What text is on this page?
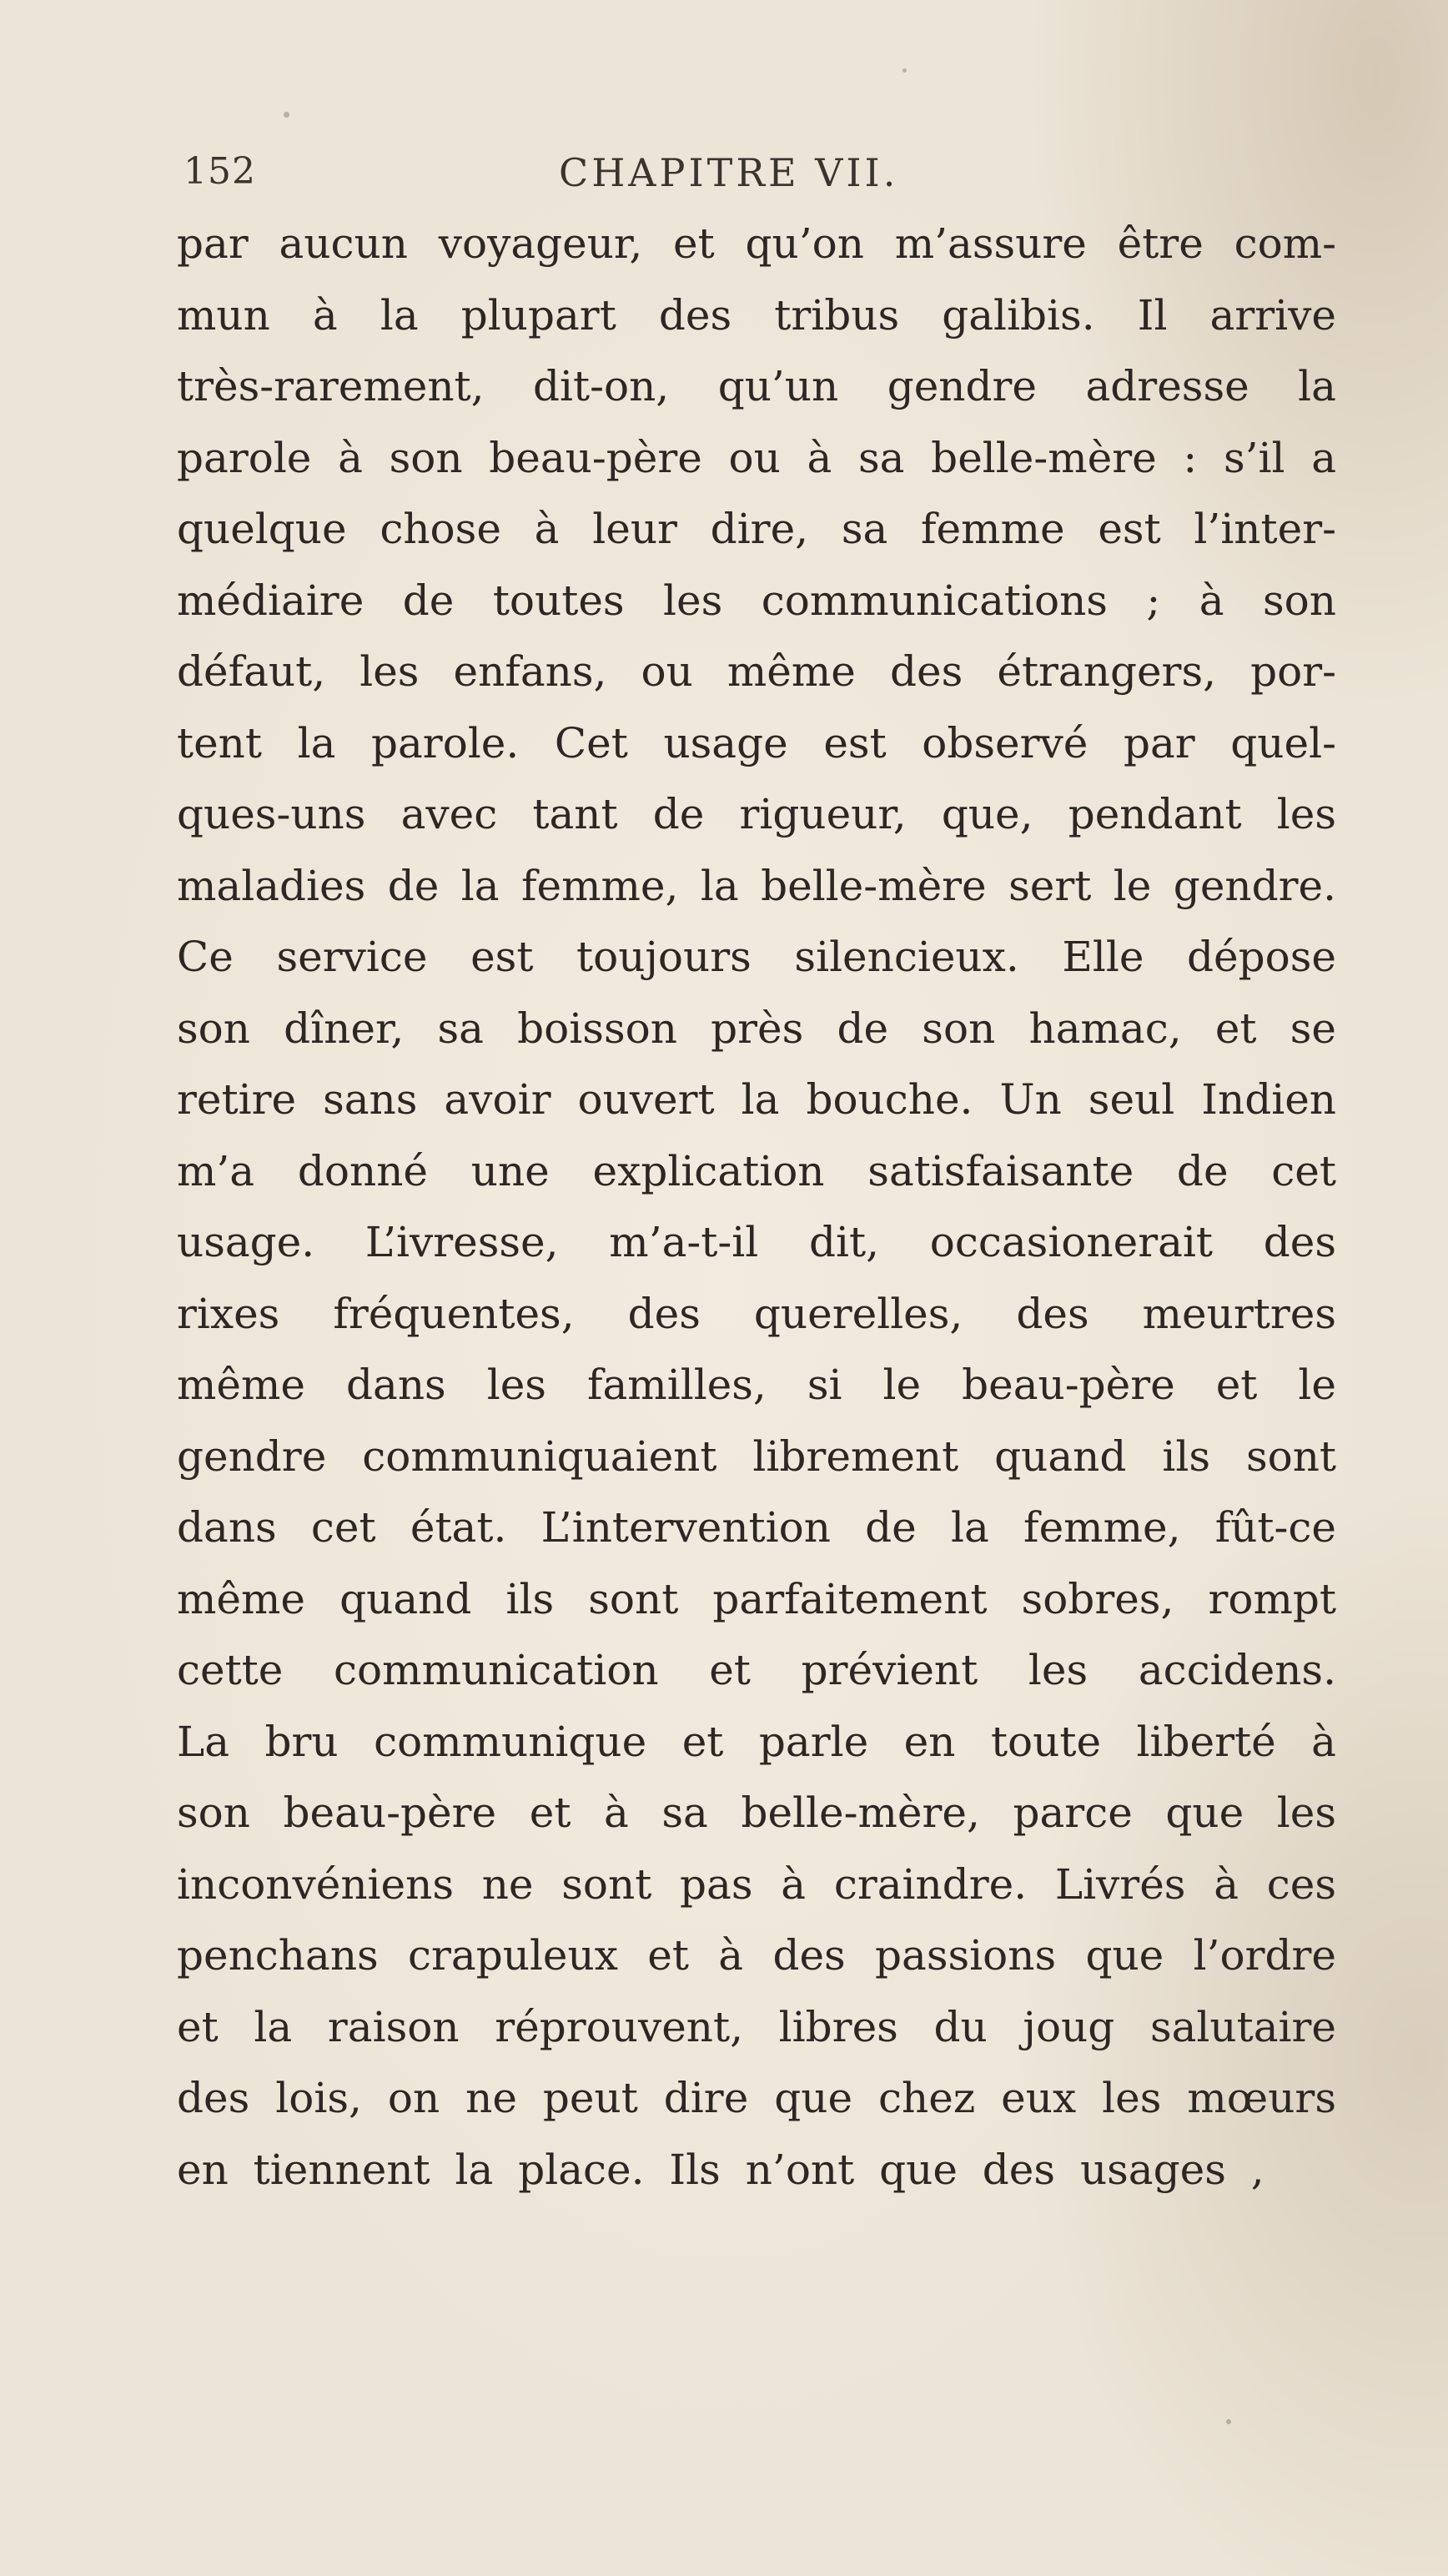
152	CHAPITRE VII.
par aucun voyageur, et qu’on m’assure être com-
mun à la plupart des tribus galibis. Il arrive
très-rarement, dit-on, qu’un gendre adresse la
parole à son beau-père ou à sa belle-mère : s’il a
quelque chose à leur dire, sa femme est l’inter-
médiaire de toutes les communications ; à son
défaut, les enfans, ou même des étrangers, por-
tent la parole. Cet usage est observé par quel-
ques-uns avec tant de rigueur, que, pendant les
maladies de la femme, la belle-mère sert le gendre.
Ce service est toujours silencieux. Elle dépose
son dîner, sa boisson près de son hamac, et se
retire sans avoir ouvert la bouche. Un seul Indien
m’a donné une explication satisfaisante de cet
usage. L’ivresse, m’a-t-il dit, occasionerait des
rixes fréquentes, des querelles, des meurtres
même dans les familles, si le beau-père et le
gendre communiquaient librement quand ils sont
dans cet état. L’intervention de la femme, fût-ce
même quand ils sont parfaitement sobres, rompt
cette communication et prévient les accidens.
La bru communique et parle en toute liberté à
son beau-père et à sa belle-mère, parce que les
inconvéniens ne sont pas à craindre. Livrés à ces
penchans crapuleux et à des passions que l’ordre
et la raison réprouvent, libres du joug salutaire
des lois, on ne peut dire que chez eux les mœurs
en tiennent la place. Ils n’ont que des usages ,
